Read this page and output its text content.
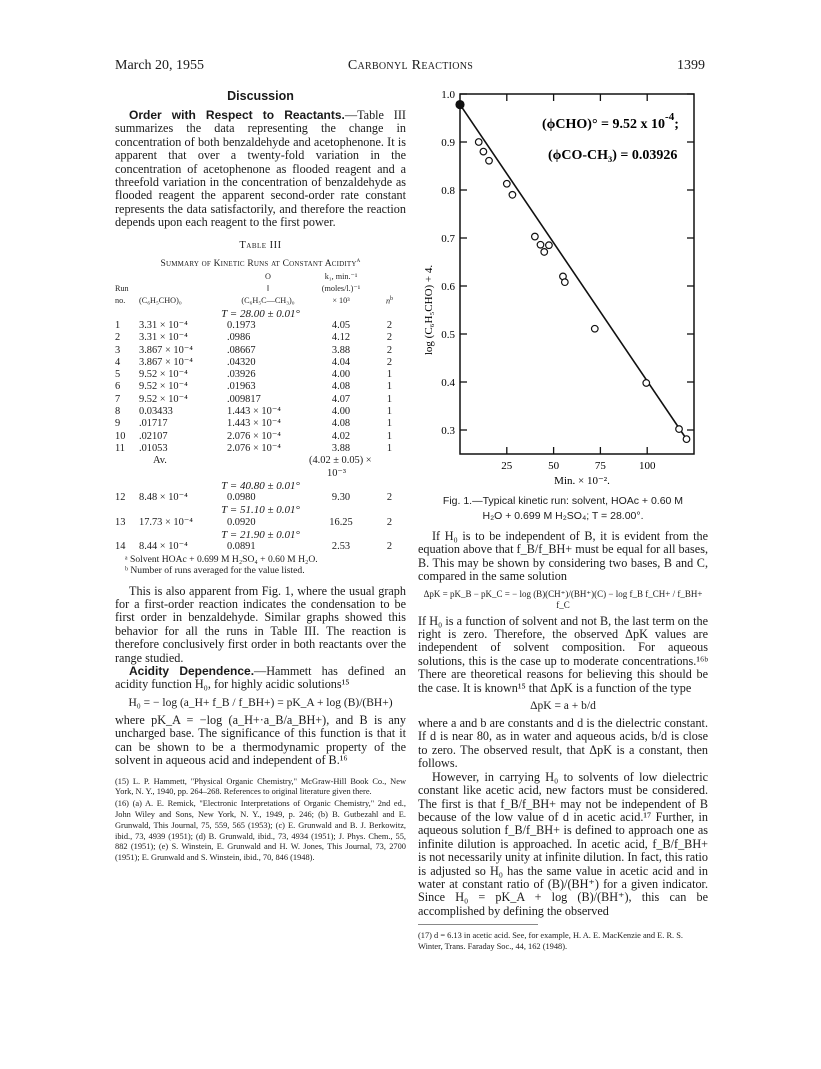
March 20, 1955	Carbonyl Reactions	1399
Discussion

Order with Respect to Reactants.—Table III summarizes the data representing the change in concentration of both benzaldehyde and acetophenone. It is apparent that over a twenty-fold variation in the concentration of acetophenone as flooded reagent and a threefold variation in the concentration of benzaldehyde as flooded reagent the apparent second-order rate constant represents the data satisfactorily, and therefore the reaction depends upon each reagent to the first power.

Table III
Summary of Kinetic Runs at Constant Acidity$^a$
Run
no.	(C₆H₅CHO)₀	O
‖
(C₆H₅C—CH₃)₀	k₁, min.⁻¹
(moles/l.)⁻¹
× 10³	$n^b$
T = 28.00 ± 0.01°				
1	3.31 × 10⁻⁴	0.1973	4.05	2
2	3.31 × 10⁻⁴	.0986	4.12	2
3	3.867 × 10⁻⁴	.08667	3.88	2
4	3.867 × 10⁻⁴	.04320	4.04	2
5	9.52 × 10⁻⁴	.03926	4.00	1
6	9.52 × 10⁻⁴	.01963	4.08	1
7	9.52 × 10⁻⁴	.009817	4.07	1
8	0.03433	1.443 × 10⁻⁴	4.00	1
9	.01717	1.443 × 10⁻⁴	4.08	1
10	.02107	2.076 × 10⁻⁴	4.02	1
11	.01053	2.076 × 10⁻⁴	3.88	1
	Av.		(4.02 ± 0.05) ×	
			10⁻³	
T = 40.80 ± 0.01°				
12	8.48 × 10⁻⁴	0.0980	9.30	2
T = 51.10 ± 0.01°				
13	17.73 × 10⁻⁴	0.0920	16.25	2
T = 21.90 ± 0.01°				
14	8.44 × 10⁻⁴	0.0891	2.53	2
ᵃ Solvent HOAc + 0.699 M H₂SO₄ + 0.60 M H₂O.
ᵇ Number of runs averaged for the value listed.

This is also apparent from Fig. 1, where the usual graph for a first-order reaction indicates the condensation to be first order in benzaldehyde. Similar graphs showed this behavior for all the runs in Table III. The reaction is therefore conclusively first order in both reactants over the range studied.

Acidity Dependence.—Hammett has defined an acidity function H₀, for highly acidic solutions¹⁵

H₀ = − log (a_H+ f_B / f_BH+) = pK_A + log (B)/(BH+)

where pK_A = −log (a_H+·a_B/a_BH+), and B is any uncharged base. The significance of this function is that it can be shown to be a thermodynamic property of the solvent in aqueous acid and independent of B.¹⁶

(15) L. P. Hammett, "Physical Organic Chemistry," McGraw-Hill Book Co., New York, N. Y., 1940, pp. 264–268. References to original literature given there.
(16) (a) A. E. Remick, "Electronic Interpretations of Organic Chemistry," 2nd ed., John Wiley and Sons, New York, N. Y., 1949, p. 246; (b) B. Gutbezahl and E. Grunwald, This Journal, 75, 559, 565 (1953); (c) E. Grunwald and B. J. Berkowitz, ibid., 73, 4939 (1951); (d) B. Grunwald, ibid., 73, 4934 (1951); J. Phys. Chem., 55, 882 (1951); (e) S. Winstein, E. Grunwald and H. W. Jones, This Journal, 73, 2700 (1951); E. Grunwald and S. Winstein, ibid., 70, 846 (1948).
0.3
0.4
0.5
0.6
0.7
0.8
0.9
1.0
25	50	75	100
log (C₆H₅CHO) + 4.
Min. × 10⁻².
(ϕCHO)° = 9.52 x $10^{-4}$;
(ϕCO-CH₃) = 0.03926
Fig. 1.—Typical kinetic run: solvent, HOAc + 0.60 M
H₂O + 0.699 M H₂SO₄; T = 28.00°.

If H₀ is to be independent of B, it is evident from the equation above that f_B/f_BH+ must be equal for all bases, B. This may be shown by considering two bases, B and C, compared in the same solution

ΔpK = pK_B − pK_C = − log (B)(CH⁺)/(BH⁺)(C) − log f_B f_CH+ / f_BH+ f_C

If H₀ is a function of solvent and not B, the last term on the right is zero. Therefore, the observed ΔpK values are independent of solvent composition. For aqueous solutions, this is the case up to moderate concentrations.¹⁶ᵇ There are theoretical reasons for believing this should be the case. It is known¹⁵ that ΔpK is a function of the type

ΔpK = a + b/d

where a and b are constants and d is the dielectric constant. If d is near 80, as in water and aqueous acids, b/d is close to zero. The observed result, that ΔpK is a constant, then follows.

However, in carrying H₀ to solvents of low dielectric constant like acetic acid, new factors must be considered. The first is that f_B/f_BH+ may not be independent of B because of the low value of d in acetic acid.¹⁷ Further, in aqueous solution f_B/f_BH+ is defined to approach one as infinite dilution is approached. In acetic acid, f_B/f_BH+ is not necessarily unity at infinite dilution. In fact, this ratio is adjusted so H₀ has the same value in acetic acid and in water at constant ratio of (B)/(BH⁺) for a given indicator. Since H₀ = pK_A + log (B)/(BH⁺), this can be accomplished by defining the observed

(17) d = 6.13 in acetic acid. See, for example, H. A. E. MacKenzie and E. R. S. Winter, Trans. Faraday Soc., 44, 162 (1948).
